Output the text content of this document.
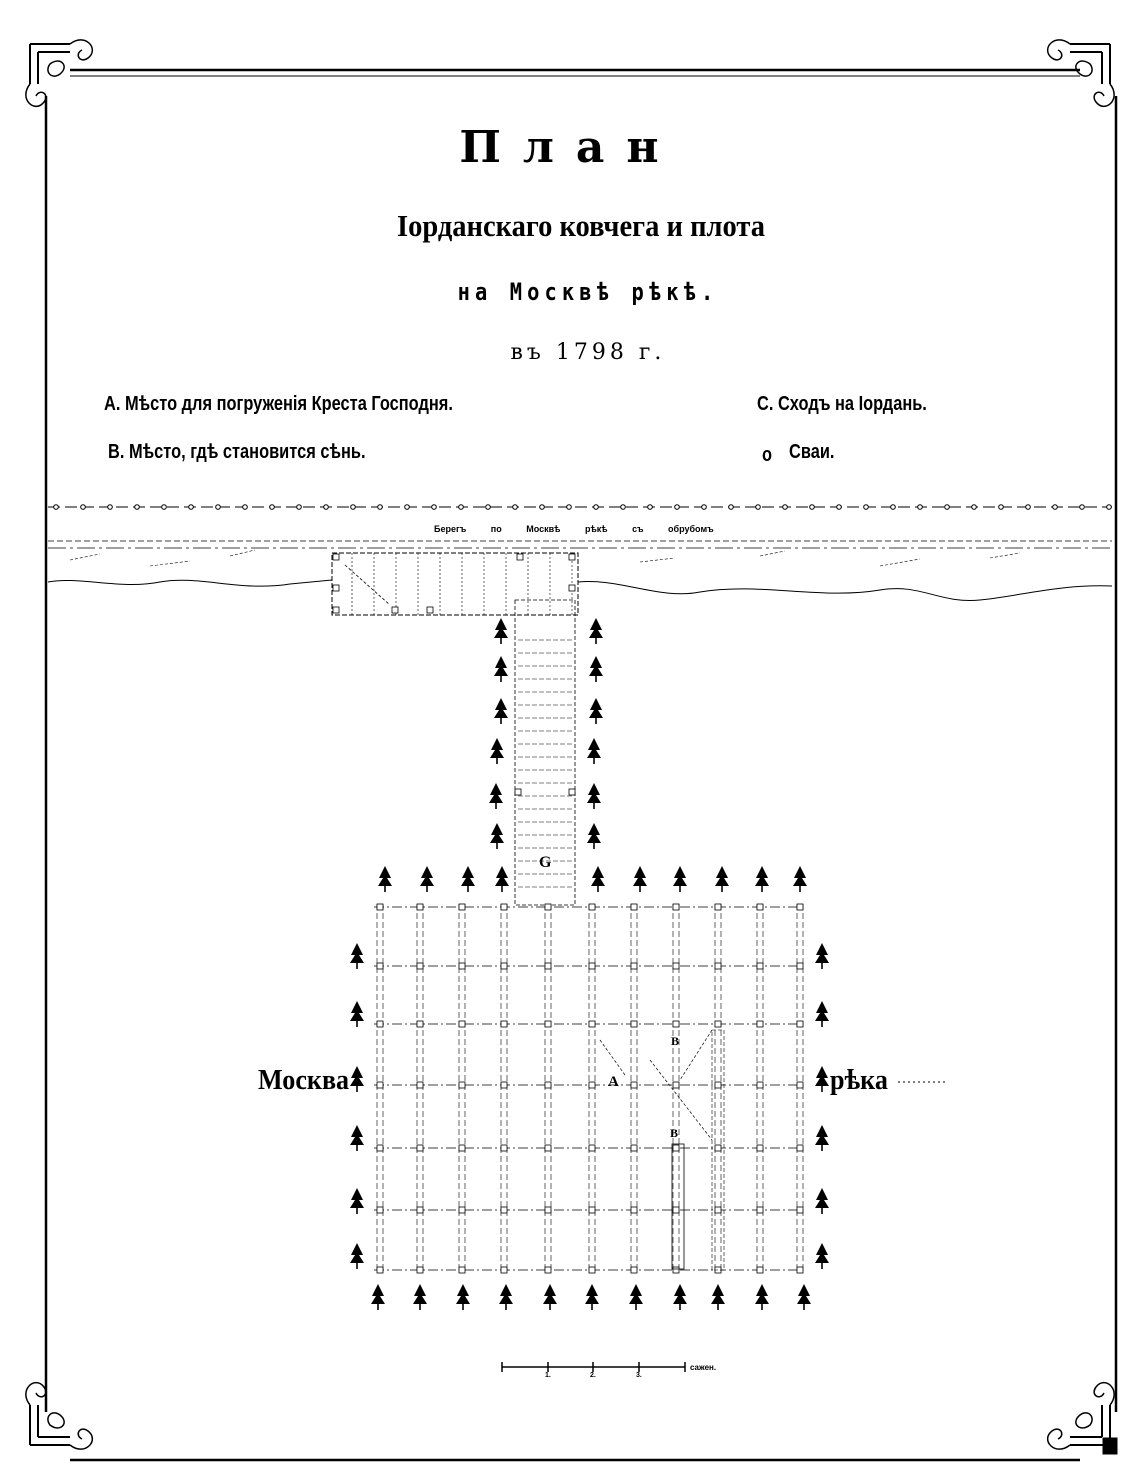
План
Іорданскаго ковчега и плота
на Москвѣ рѣкѣ.
въ 1798 г.
А. Мѣсто для погруженія Креста Господня.
В. Мѣсто, гдѣ становится сѣнь.
С. Сходъ на Іордань.
о Сваи.
Берегъ по Москвѣ рѣкѣ съ обрубомъ
Москва	рѣка
А
В
В
G
1.	2.	3.
сажен.
